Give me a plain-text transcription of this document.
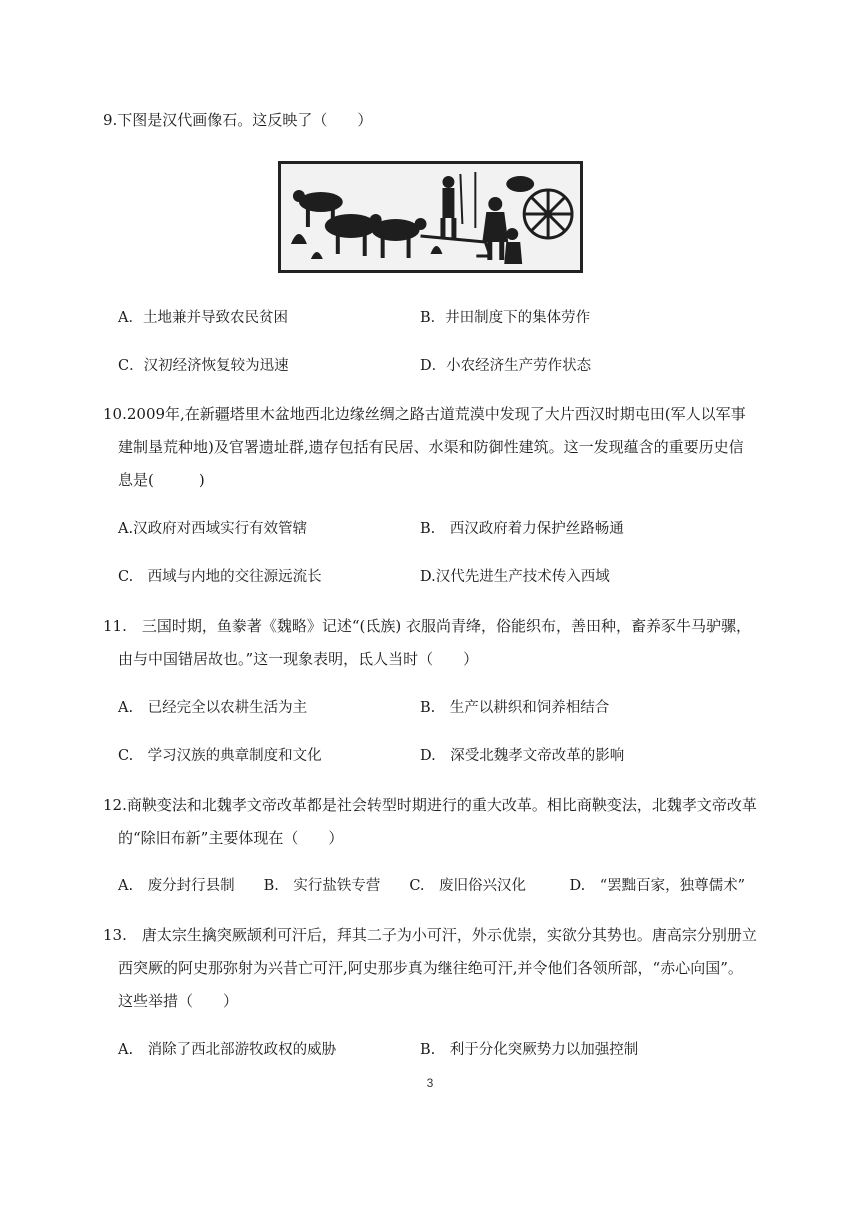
9.下图是汉代画像石。这反映了（　　）
A．土地兼并导致农民贫困	B．井田制度下的集体劳作
C．汉初经济恢复较为迅速	D．小农经济生产劳作状态
10.2009年,在新疆塔里木盆地西北边缘丝绸之路古道荒漠中发现了大片西汉时期屯田(军人以军事
建制垦荒种地)及官署遗址群,遗存包括有民居、水渠和防御性建筑。这一发现蕴含的重要历史信
息是(　　　)
A.汉政府对西域实行有效管辖	B.　西汉政府着力保护丝路畅通
C.　西域与内地的交往源远流长	D.汉代先进生产技术传入西域
11.　三国时期，鱼豢著《魏略》记述“(氐族) 衣服尚青绛，俗能织布，善田种，畜养豕牛马驴骡，
由与中国错居故也。”这一现象表明，氐人当时（　　）
A.　已经完全以农耕生活为主	B.　生产以耕织和饲养相结合
C.　学习汉族的典章制度和文化	D.　深受北魏孝文帝改革的影响
12.商鞅变法和北魏孝文帝改革都是社会转型时期进行的重大改革。相比商鞅变法，北魏孝文帝改革
的“除旧布新”主要体现在（　　）
A.　废分封行县制　　B.　实行盐铁专营　　C.　废旧俗兴汉化　　　D.　“罢黜百家，独尊儒术”
13.　唐太宗生擒突厥颉利可汗后，拜其二子为小可汗，外示优崇，实欲分其势也。唐高宗分别册立
西突厥的阿史那弥射为兴昔亡可汗,阿史那步真为继往绝可汗,并令他们各领所部，“赤心向国”。
这些举措（　　）
A.　消除了西北部游牧政权的威胁	B.　利于分化突厥势力以加强控制
3
